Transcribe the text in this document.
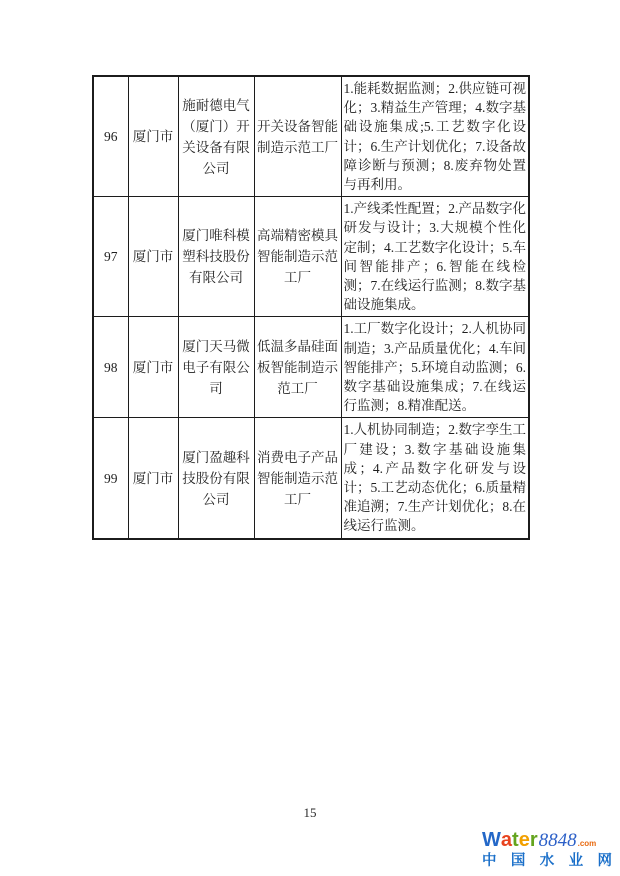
96	厦门市	施耐德电气（厦门）开关设备有限公司	开关设备智能制造示范工厂	1.能耗数据监测；2.供应链可视化；3.精益生产管理；4.数字基础设施集成;5.工艺数字化设计；6.生产计划优化；7.设备故障诊断与预测；8.废弃物处置与再利用。
97	厦门市	厦门唯科模塑科技股份有限公司	高端精密模具智能制造示范工厂	1.产线柔性配置；2.产品数字化研发与设计；3.大规模个性化定制；4.工艺数字化设计；5.车间智能排产；6.智能在线检测；7.在线运行监测；8.数字基础设施集成。
98	厦门市	厦门天马微电子有限公司	低温多晶硅面板智能制造示范工厂	1.工厂数字化设计；2.人机协同制造；3.产品质量优化；4.车间智能排产；5.环境自动监测；6.数字基础设施集成；7.在线运行监测；8.精准配送。
99	厦门市	厦门盈趣科技股份有限公司	消费电子产品智能制造示范工厂	1.人机协同制造；2.数字孪生工厂建设；3.数字基础设施集成；4.产品数字化研发与设计；5.工艺动态优化；6.质量精准追溯；7.生产计划优化；8.在线运行监测。
15
Water 8848 .com
中 国 水 业 网
